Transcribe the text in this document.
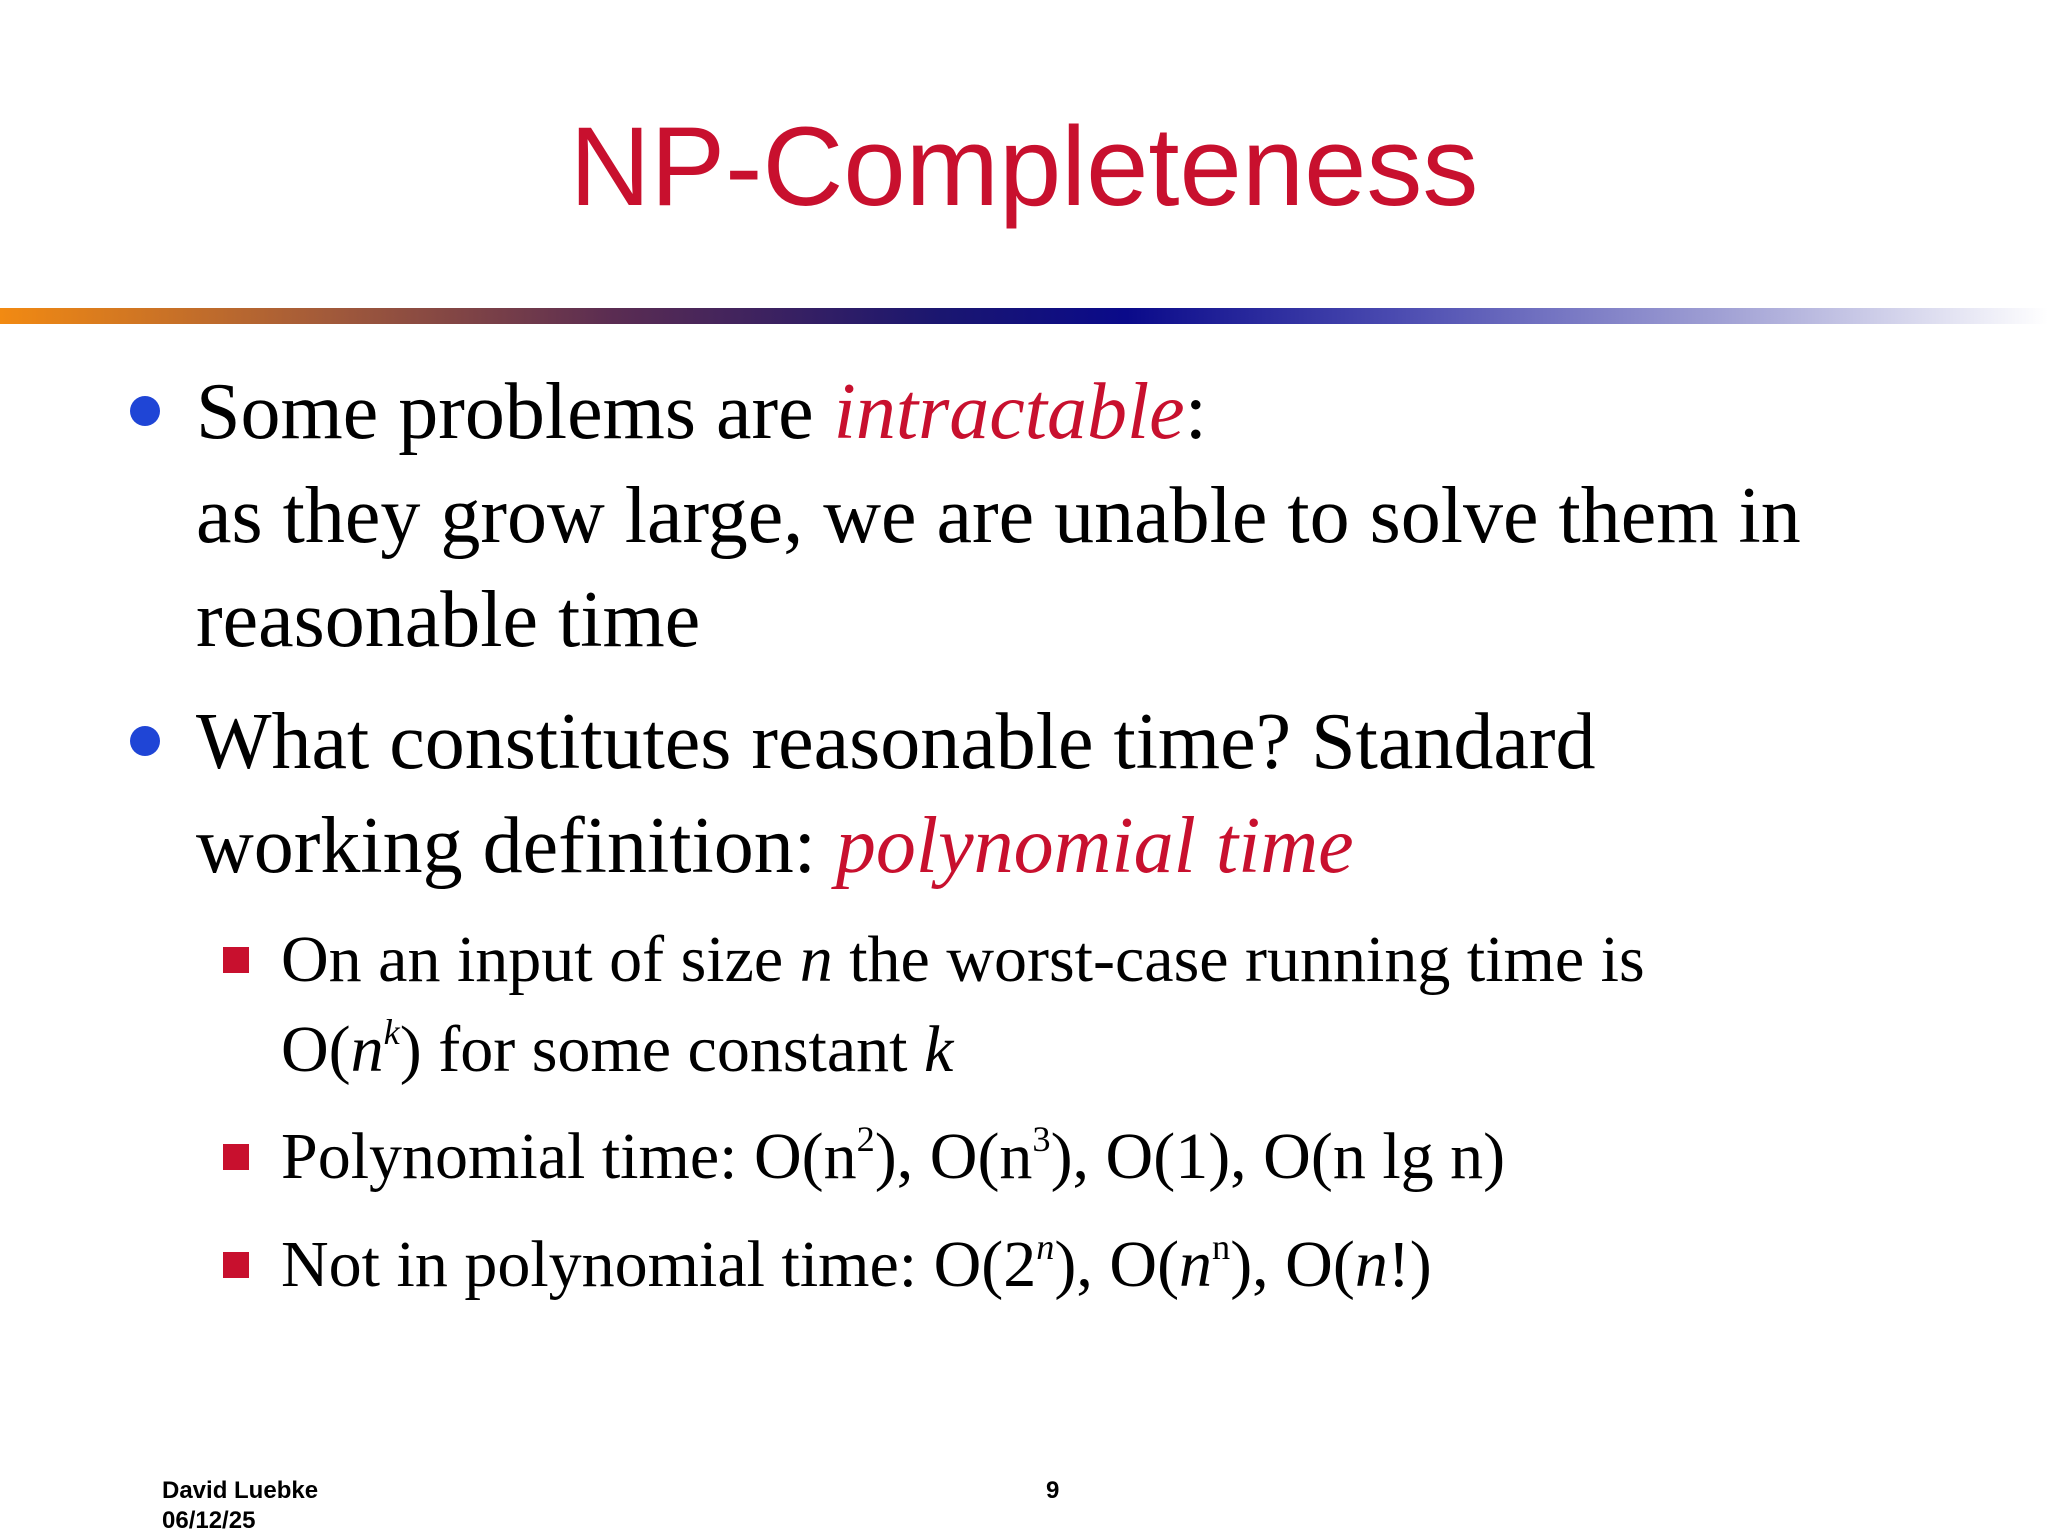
NP-Completeness
Some problems are intractable:
as they grow large, we are unable to solve them in
reasonable time
What constitutes reasonable time? Standard
working definition: polynomial time
On an input of size n the worst-case running time is
$O(n^k)$ for some constant k
Polynomial time: $O(n^2)$, $O(n^3)$, O(1), O(n lg n)
Not in polynomial time: O(2$^n$), $O(n^n)$, O(n!)
David Luebke
06/12/25
9
